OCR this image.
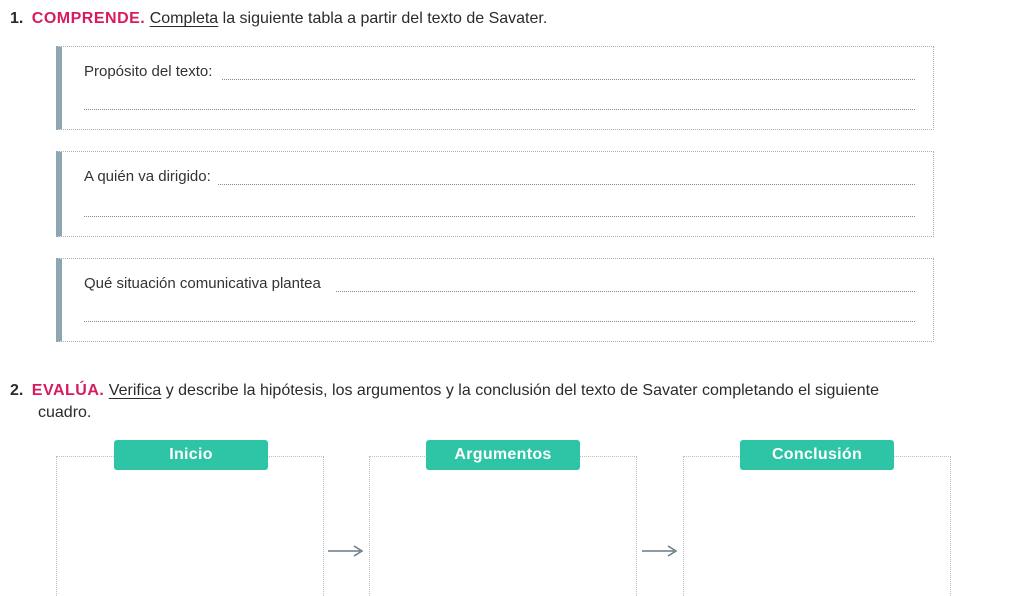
1. COMPRENDE. Completa la siguiente tabla a partir del texto de Savater.
Propósito del texto:
A quién va dirigido:
Qué situación comunicativa plantea
2. EVALÚA. Verifica y describe la hipótesis, los argumentos y la conclusión del texto de Savater completando el siguiente
cuadro.
Inicio	Argumentos	Conclusión
